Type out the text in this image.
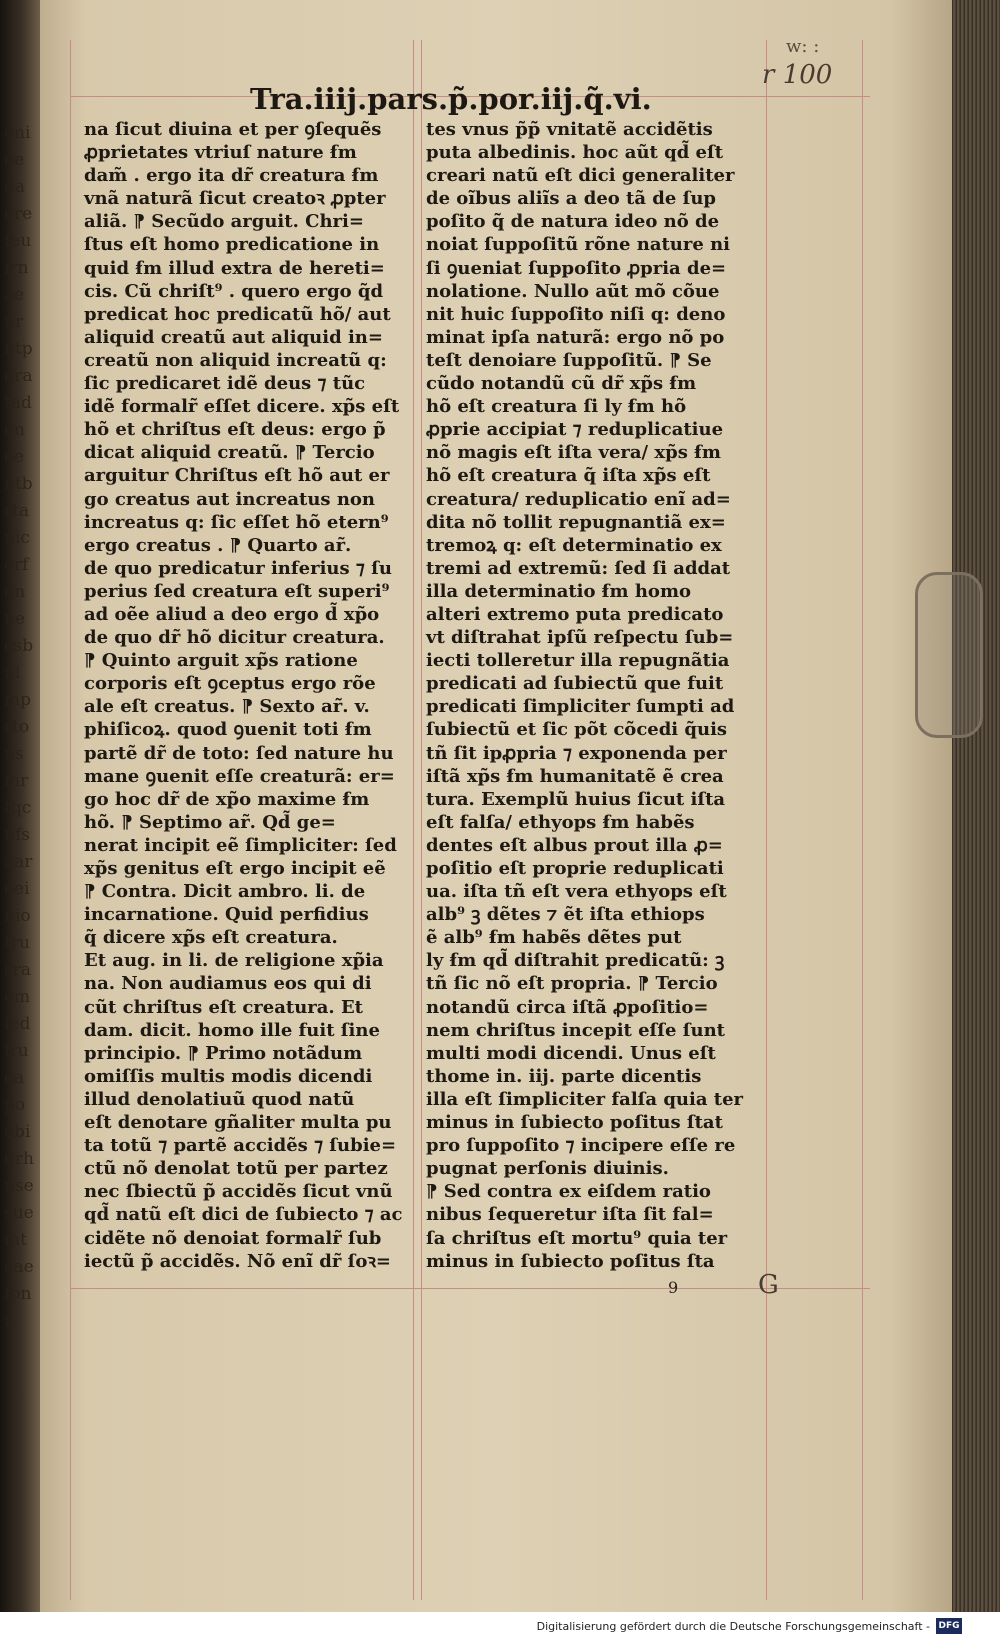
enioedaerefeuirnaeurntporatadeneentbrtanicerfonnecsbnlmprtonsmrtqcnfsaareeiniotrusraemiedlrueapoebidrhnsesuemtcaefonr
w: :
r 100
Tra.iiij.pars.p̃.por.iij.q̃.vi.
na ſicut diuina et per ꝯſequẽs
ꝓprietates vtriuſ nature ẜm
dam̃ . ergo ita dr̃ creatura ẜm
vnã naturã ſicut creatoꝛ ꝓpter
aliã. ⁋ Secũdo arguit. Chri=
ſtus eſt homo predicatione in
quid ẜm illud extra de hereti=
cis. Cũ chriſt⁹ . quero ergo q̃d
predicat hoc predicatũ hõ/ aut
aliquid creatũ aut aliquid in=
creatũ non aliquid increatũ q:
ſic predicaret idẽ deus ⁊ tũc
idẽ formalr̃ eſſet dicere. xp̃s eſt
hõ et chriſtus eſt deus: ergo p̃
dicat aliquid creatũ. ⁋ Tercio
arguitur Chriſtus eſt hõ aut er
go creatus aut increatus non
increatus q: ſic eſſet hõ etern⁹
ergo creatus . ⁋ Quarto ar̃.
de quo predicatur inferius ⁊ ſu
perius ſed creatura eſt superi⁹
ad oẽe aliud a deo ergo d̃ xp̃o
de quo dr̃ hõ dicitur creatura.
⁋ Quinto arguit xp̃s ratione
corporis eſt ꝯceptus ergo rõe
ale eſt creatus. ⁋ Sexto ar̃. v.
phiſicoꝝ. quod ꝯuenit toti ẜm
partẽ dr̃ de toto: ſed nature hu
mane ꝯuenit eſſe creaturã: er=
go hoc dr̃ de xp̃o maxime ẜm
hõ. ⁋ Septimo ar̃. Qd̃ ge=
nerat incipit eẽ ſimpliciter: ſed
xp̃s genitus eſt ergo incipit eẽ
⁋ Contra. Dicit ambro. li. de
incarnatione. Quid perfidius
q̃ dicere xp̃s eſt creatura.
Et aug. in li. de religione xp̃ia
na. Non audiamus eos qui di
cũt chriſtus eſt creatura. Et
dam. dicit. homo ille fuit ſine
principio. ⁋ Primo notãdum
omiſſis multis modis dicendi
illud denolatiuũ quod natũ
eſt denotare gñaliter multa pu
ta totũ ⁊ partẽ accidẽs ⁊ ſubie=
ctũ nõ denolat totũ per partez
nec ſbiectũ p̃ accidẽs ſicut vnũ
qd̃ natũ eſt dici de ſubiecto ⁊ ac
cidẽte nõ denoiat formalr̃ ſub
iectũ p̃ accidẽs. Nõ enĩ dr̃ ſoꝛ=
tes vnus p̃p̃ vnitatẽ accidẽtis
puta albedinis. hoc aũt qd̃ eſt
creari natũ eſt dici generaliter
de oĩbus aliĩs a deo tã de ſup
poſito q̃ de natura ideo nõ de
noiat ſuppoſitũ rõne nature ni
ſi ꝯueniat ſuppoſito ꝓpria de=
nolatione. Nullo aũt mõ cõue
nit huic ſuppoſito niſi q: deno
minat ipſa naturã: ergo nõ po
teſt denoiare ſuppoſitũ. ⁋ Se
cũdo notandũ cũ dr̃ xp̃s ẜm
hõ eſt creatura ſi ly ẜm hõ
ꝓprie accipiat ⁊ reduplicatiue
nõ magis eſt iſta vera/ xp̃s ẜm
hõ eſt creatura q̃ iſta xp̃s eſt
creatura/ reduplicatio enĩ ad=
dita nõ tollit repugnantiã ex=
tremoꝝ q: eſt determinatio ex
tremi ad extremũ: ſed ſi addat
illa determinatio ẜm homo
alteri extremo puta predicato
vt diſtrahat ipſũ reſpectu ſub=
iecti tolleretur illa repugnãtia
predicati ad ſubiectũ que fuit
predicati ſimpliciter ſumpti ad
ſubiectũ et ſic põt cõcedi q̃uis
tñ ſit ipꝓpria ⁊ exponenda per
iſtã xp̃s ẜm humanitatẽ ẽ crea
tura. Exemplũ huius ſicut iſta
eſt falſa/ ethyops ẜm habẽs
dentes eſt albus prout illa ꝓ=
poſitio eſt proprie reduplicati
ua. iſta tñ eſt vera ethyops eſt
alb⁹ ꝫ dẽtes ⁊ ẽt iſta ethiops
ẽ alb⁹ ẜm habẽs dẽtes put
ly ẜm qd̃ diſtrahit predicatũ: ꝫ
tñ ſic nõ eſt propria. ⁋ Tercio
notandũ circa iſtã ꝓpoſitio=
nem chriſtus incepit eſſe ſunt
multi modi dicendi. Unus eſt
thome in. iij. parte dicentis
illa eſt ſimpliciter falſa quia ter
minus in ſubiecto poſitus ſtat
pro ſuppoſito ⁊ incipere eſſe re
pugnat perſonis diuinis.
⁋ Sed contra ex eiſdem ratio
nibus ſequeretur iſta ſit fal=
ſa chriſtus eſt mortu⁹ quia ter
minus in ſubiecto poſitus ſta
9	G
Digitalisierung gefördert durch die Deutsche Forschungsgemeinschaft - DFG
